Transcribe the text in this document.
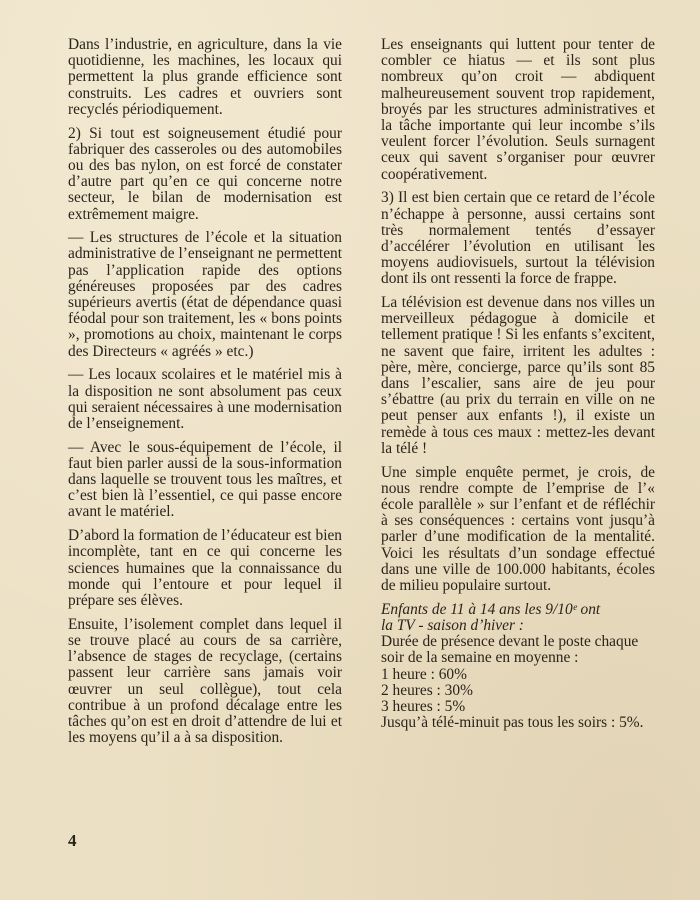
Dans l’industrie, en agriculture, dans la vie quotidienne, les machines, les locaux qui permettent la plus grande efficience sont construits. Les cadres et ouvriers sont recyclés périodiquement.

2) Si tout est soigneusement étudié pour fabriquer des casseroles ou des automobiles ou des bas nylon, on est forcé de constater d’autre part qu’en ce qui concerne notre secteur, le bilan de modernisation est extrêmement maigre.

— Les structures de l’école et la situation administrative de l’enseignant ne permettent pas l’application rapide des options généreuses proposées par des cadres supérieurs avertis (état de dépendance quasi féodal pour son traitement, les « bons points », promotions au choix, maintenant le corps des Directeurs « agréés » etc.)

— Les locaux scolaires et le matériel mis à la disposition ne sont absolument pas ceux qui seraient nécessaires à une modernisation de l’enseignement.

— Avec le sous-équipement de l’école, il faut bien parler aussi de la sous-information dans laquelle se trouvent tous les maîtres, et c’est bien là l’essentiel, ce qui passe encore avant le matériel.

D’abord la formation de l’éducateur est bien incomplète, tant en ce qui concerne les sciences humaines que la connaissance du monde qui l’entoure et pour lequel il prépare ses élèves.

Ensuite, l’isolement complet dans lequel il se trouve placé au cours de sa carrière, l’absence de stages de recyclage, (certains passent leur carrière sans jamais voir œuvrer un seul collègue), tout cela contribue à un profond décalage entre les tâches qu’on est en droit d’attendre de lui et les moyens qu’il a à sa disposition.

Les enseignants qui luttent pour tenter de combler ce hiatus — et ils sont plus nombreux qu’on croit — abdiquent malheureusement souvent trop rapidement, broyés par les structures administratives et la tâche importante qui leur incombe s’ils veulent forcer l’évolution. Seuls surnagent ceux qui savent s’organiser pour œuvrer coopérativement.

3) Il est bien certain que ce retard de l’école n’échappe à personne, aussi certains sont très normalement tentés d’essayer d’accélérer l’évolution en utilisant les moyens audiovisuels, surtout la télévision dont ils ont ressenti la force de frappe.

La télévision est devenue dans nos villes un merveilleux pédagogue à domicile et tellement pratique ! Si les enfants s’excitent, ne savent que faire, irritent les adultes : père, mère, concierge, parce qu’ils sont 85 dans l’escalier, sans aire de jeu pour s’ébattre (au prix du terrain en ville on ne peut penser aux enfants !), il existe un remède à tous ces maux : mettez-les devant la télé !

Une simple enquête permet, je crois, de nous rendre compte de l’emprise de l’« école parallèle » sur l’enfant et de réfléchir à ses conséquences : certains vont jusqu’à parler d’une modification de la mentalité. Voici les résultats d’un sondage effectué dans une ville de 100.000 habitants, écoles de milieu populaire surtout.

Enfants de 11 à 14 ans les 9/10ᵉ ont
la TV - saison d’hiver :
Durée de présence devant le poste chaque soir de la semaine en moyenne :
1 heure : 60%
2 heures : 30%
3 heures : 5%
Jusqu’à télé-minuit pas tous les soirs : 5%.
4
